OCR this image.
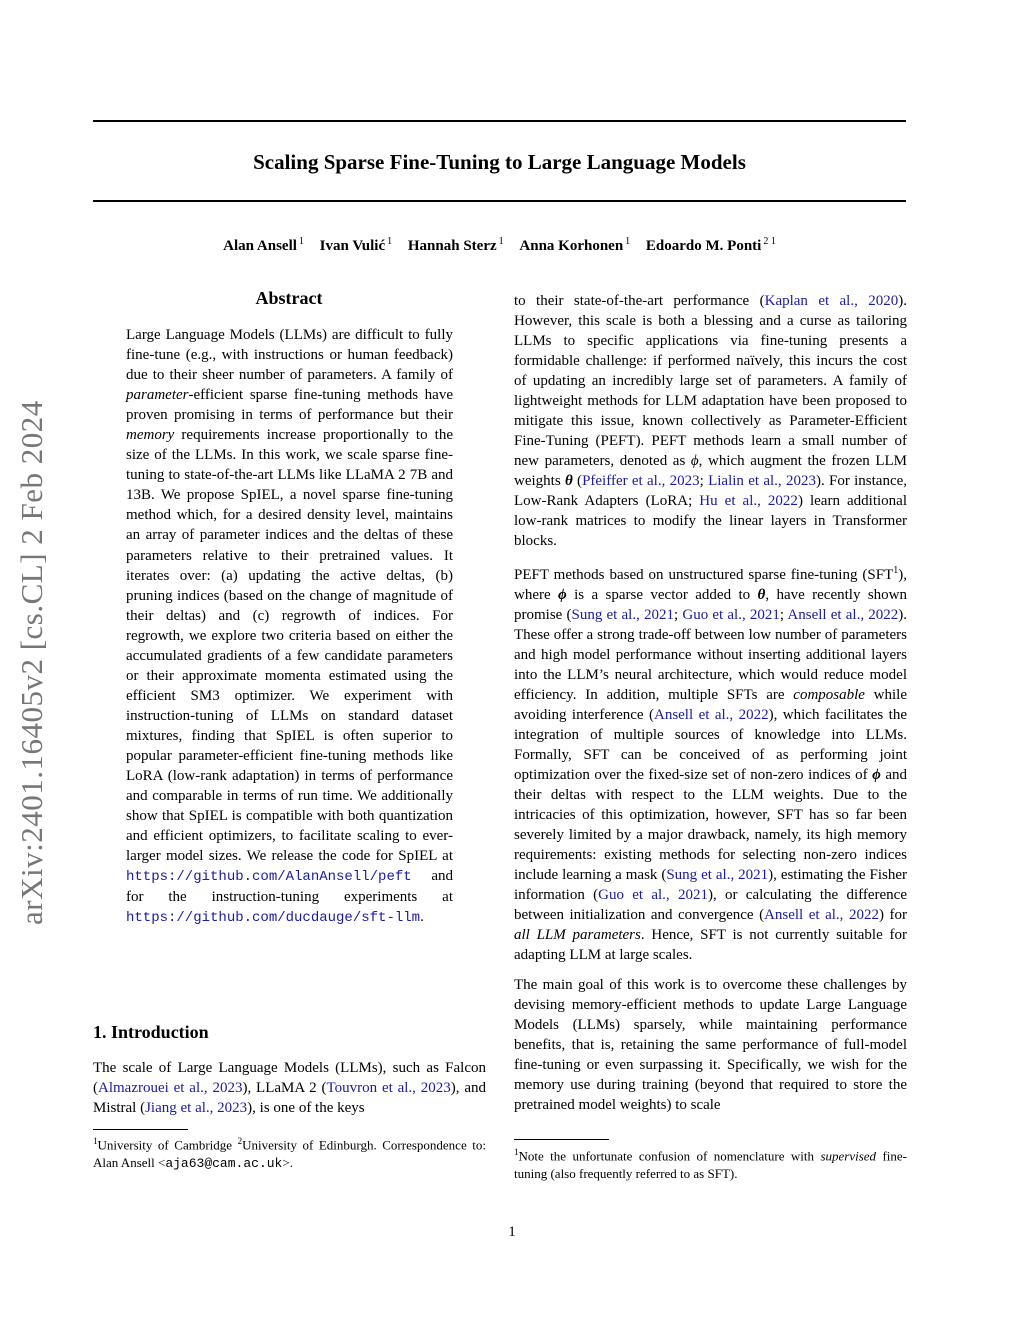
arXiv:2401.16405v2 [cs.CL] 2 Feb 2024
Scaling Sparse Fine-Tuning to Large Language Models
Alan Ansell $^1$ Ivan Vulić $^1$ Hannah Sterz $^1$ Anna Korhonen $^1$ Edoardo M. Ponti $^{2 1}$
Abstract
Large Language Models (LLMs) are difficult to fully fine-tune (e.g., with instructions or human feedback) due to their sheer number of parameters. A family of parameter-efficient sparse fine-tuning methods have proven promising in terms of performance but their memory requirements increase proportionally to the size of the LLMs. In this work, we scale sparse fine-tuning to state-of-the-art LLMs like LLaMA 2 7B and 13B. We propose SpIEL, a novel sparse fine-tuning method which, for a desired density level, maintains an array of parameter indices and the deltas of these parameters relative to their pretrained values. It iterates over: (a) updating the active deltas, (b) pruning indices (based on the change of magnitude of their deltas) and (c) regrowth of indices. For regrowth, we explore two criteria based on either the accumulated gradients of a few candidate parameters or their approximate momenta estimated using the efficient SM3 optimizer. We experiment with instruction-tuning of LLMs on standard dataset mixtures, finding that SpIEL is often superior to popular parameter-efficient fine-tuning methods like LoRA (low-rank adaptation) in terms of performance and comparable in terms of run time. We additionally show that SpIEL is compatible with both quantization and efficient optimizers, to facilitate scaling to ever-larger model sizes. We release the code for SpIEL at https://github.com/AlanAnsell/peft and for the instruction-tuning experiments at https://github.com/ducdauge/sft-llm.
1. Introduction

The scale of Large Language Models (LLMs), such as Falcon (Almazrouei et al., 2023), LLaMA 2 (Touvron et al., 2023), and Mistral (Jiang et al., 2023), is one of the keys

$^1$University of Cambridge $^2$University of Edinburgh. Correspondence to: Alan Ansell <aja63@cam.ac.uk>.

to their state-of-the-art performance (Kaplan et al., 2020). However, this scale is both a blessing and a curse as tailoring LLMs to specific applications via fine-tuning presents a formidable challenge: if performed naïvely, this incurs the cost of updating an incredibly large set of parameters. A family of lightweight methods for LLM adaptation have been proposed to mitigate this issue, known collectively as Parameter-Efficient Fine-Tuning (PEFT). PEFT methods learn a small number of new parameters, denoted as ϕ, which augment the frozen LLM weights θ (Pfeiffer et al., 2023; Lialin et al., 2023). For instance, Low-Rank Adapters (LoRA; Hu et al., 2022) learn additional low-rank matrices to modify the linear layers in Transformer blocks.

PEFT methods based on unstructured sparse fine-tuning (SFT$^1$), where ϕ is a sparse vector added to θ, have recently shown promise (Sung et al., 2021; Guo et al., 2021; Ansell et al., 2022). These offer a strong trade-off between low number of parameters and high model performance without inserting additional layers into the LLM’s neural architecture, which would reduce model efficiency. In addition, multiple SFTs are composable while avoiding interference (Ansell et al., 2022), which facilitates the integration of multiple sources of knowledge into LLMs. Formally, SFT can be conceived of as performing joint optimization over the fixed-size set of non-zero indices of ϕ and their deltas with respect to the LLM weights. Due to the intricacies of this optimization, however, SFT has so far been severely limited by a major drawback, namely, its high memory requirements: existing methods for selecting non-zero indices include learning a mask (Sung et al., 2021), estimating the Fisher information (Guo et al., 2021), or calculating the difference between initialization and convergence (Ansell et al., 2022) for all LLM parameters. Hence, SFT is not currently suitable for adapting LLM at large scales.

The main goal of this work is to overcome these challenges by devising memory-efficient methods to update Large Language Models (LLMs) sparsely, while maintaining performance benefits, that is, retaining the same performance of full-model fine-tuning or even surpassing it. Specifically, we wish for the memory use during training (beyond that required to store the pretrained model weights) to scale

$^1$Note the unfortunate confusion of nomenclature with supervised fine-tuning (also frequently referred to as SFT).
1
